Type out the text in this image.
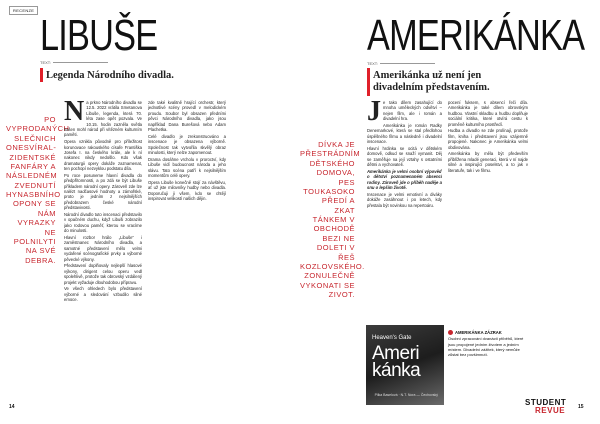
RECENZE
LIBUŠE
TEXT:
Legenda Národního divadla.
PO VYPRODANÝCH SLEČNICH ONESVÍRAL-ZIDENTSKÉ FANFÁRY A NÁSLEDNÉM ZVEDNUTÍ HYNASBNÍHO OPONY SE NÁM VYRAZKY NE POLNILYTI NA SVÉ DEBRA.

Na prkno Národního divadla se 12.5. 2022 vrátila Smetanova Libuše, legenda, která 70. léta zase opět pozvala. Ve 10.15. hodin zazněla světla kašen mohl národ při vítězném kulturním paměti.

Opera vznikla původně pro příležitost korunovace rakouského císaře Františka Josefa I. na českého krále, ale k ní nakonec nikdy nedošlo. Kdo však dramaturgii opery dokáže zaznamenat, ten pochopí nezvyklou podstatu díla.

Po roce posuneme hlavní divadla do předpřítomnosti, a po zdá se být Libuše příkladem národní opery. Zároveň zde lze nalézt nadčasové hodnoty a zámořské, proto je jedním z nejsilnějších předobrazem české národní představivosti.

Národní divadlo tuto inscenaci představilo v opačném duchu, když Libuši zobrazilo jako rodovou paměť, kterou se vracíme do minulosti.

Hlavní rozbor hrálo „Libuše“ i zaměstnanec Národního divadla, a samotné představení mělo velmi vydařené scénografické prvky a výborné pěvecké výkony.

Představení doplňovaly nejlepší hlasové výkony, dirigent celou operu vedl spolehlivě, protože tak obrovský vzdálený projekt vyžaduje dlouhodobou přípravu.

Ve všech ohledech bylo představení výborné a sledování vzbudilo silné emoce.

zde také kvalitně hrající orchestr, který jednotlivé scény provedl v melodickém proudu. Soubor byl obsazen předními pěvci Národního divadla, jako jsou například Dana Burešová nebo Adam Plachetka.

Celé divadlo je zrekonstruováno a inscenace je obsazena výborně. Společnost tak vytvořila skvělý obraz minulosti, který nelze zapomenout.

Drama dosáhne vrcholu v proroctví, kdy Libuše vidí budoucnost národa a jeho slávu. Tato scéna patří k nejsilnějším momentům celé opery.

Opera Libuše konečně stojí za návštěvu, ať už jste milovníky hudby nebo divadla. Doporučuji ji všem, kdo se chtějí inspirovat velikostí našich dějin.

14
AMERIKÁNKA
TEXT:
Amerikánka už není jen divadelním představením.
DÍVKA JE PŘESTRÁDNÍM DĚTSKÉHO DOMOVA, PES TOUKASOKO PŘEDÍ A ZKAT TÁNKEM V OBCHODĚ BEZI NE DOLETI V ŘEŠ KOZLOVSKÉHO. ZONULEČNĚ VYKONATI SE ZIVOT.

Je tako dílem zasahující do mnoha uměleckých odvětví – nejen film, ale i román a divadelní hra.

Amerikánka je román Radky Denemarkové, která se stal předlohou úspěšného filmu a následně i divadelní inscenace.

Hlavní hrdinka se ocitá v dětském domově, odkud se snaží vymanit. Děj se zaměřuje na její vztahy s ostatními dětmi a vychovateli.

Amerikánka je velmi osobní výpověď o dětství poznamenaném absencí rodiny. Zároveň jde o příběh naděje a snu o lepším životě.

Inscenace je velmi emotivní a diváky dokáže zasáhnout i po letech, kdy přestala být novinkou na repertoáru.

Heaven's Gate
Ameri kánka
Pilka Baselová · N.T. Nora — Čechovský

pocení fuksem, s absencí řeči díla. Amerikánka je také dílem obrovským hudbou. Vlastní skladbu a hudbu doplňuje sociální kritika, které otvírá cestu k proměně kulturního prostředí.

Hudba a divadlo se zde prolínají, protože film, kniha i představení jsou vzájemně propojené. Nakonec je Amerikánka velmi obdivována.

Amerikánka by měla být především přiblížena mladé generaci, která v ní najde silné a inspirující poselství, a to jak v literatuře, tak i ve filmu.

AMERIKÁNKA ZÁZRAK
Osobní zpracování dvanácti příběhů, které jsou propojené jedním životem a jedním místem. Divadelní zážitek, který nemůže zůstat bez povšimnutí.
STUDENT
REVUE	15
